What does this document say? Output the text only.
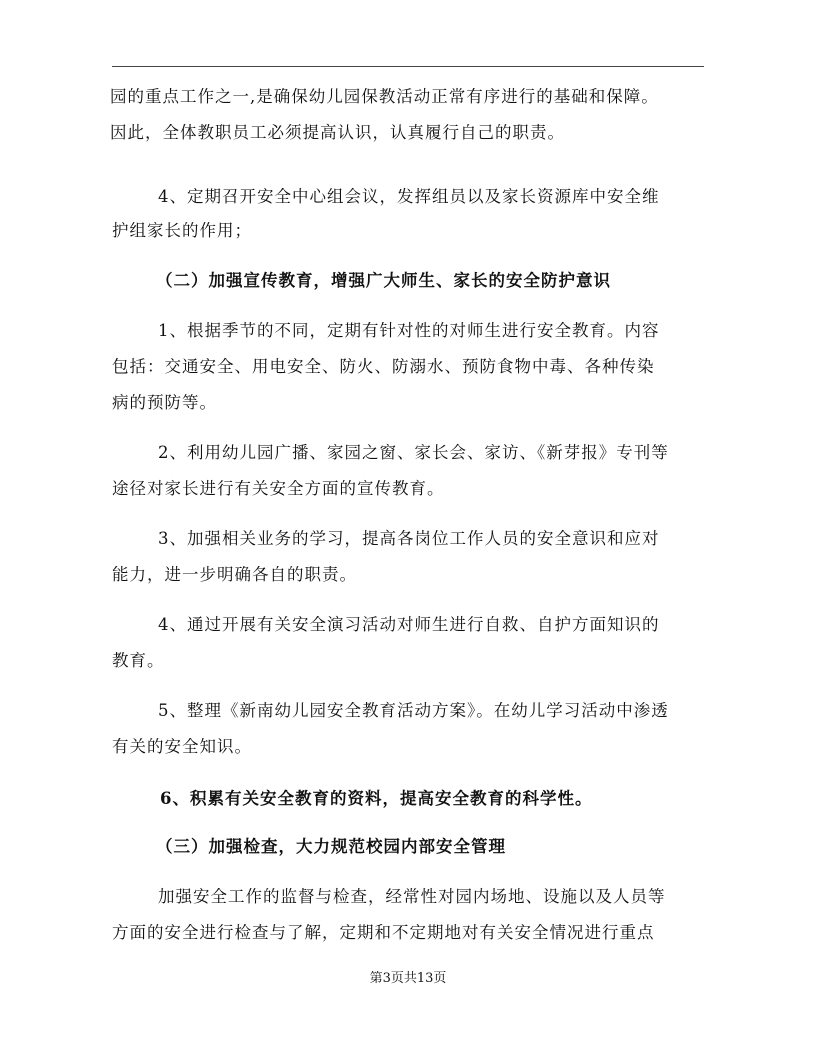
园的重点工作之一,是确保幼儿园保教活动正常有序进行的基础和保障。
因此，全体教职员工必须提高认识，认真履行自己的职责。
4、定期召开安全中心组会议，发挥组员以及家长资源库中安全维
护组家长的作用；
（二）加强宣传教育，增强广大师生、家长的安全防护意识
1、根据季节的不同，定期有针对性的对师生进行安全教育。内容
包括：交通安全、用电安全、防火、防溺水、预防食物中毒、各种传染
病的预防等。
2、利用幼儿园广播、家园之窗、家长会、家访、《新芽报》专刊等
途径对家长进行有关安全方面的宣传教育。
3、加强相关业务的学习，提高各岗位工作人员的安全意识和应对
能力，进一步明确各自的职责。
4、通过开展有关安全演习活动对师生进行自救、自护方面知识的
教育。
5、整理《新南幼儿园安全教育活动方案》。在幼儿学习活动中渗透
有关的安全知识。
6、积累有关安全教育的资料，提高安全教育的科学性。
（三）加强检查，大力规范校园内部安全管理
加强安全工作的监督与检查，经常性对园内场地、设施以及人员等
方面的安全进行检查与了解，定期和不定期地对有关安全情况进行重点
第3页共13页
